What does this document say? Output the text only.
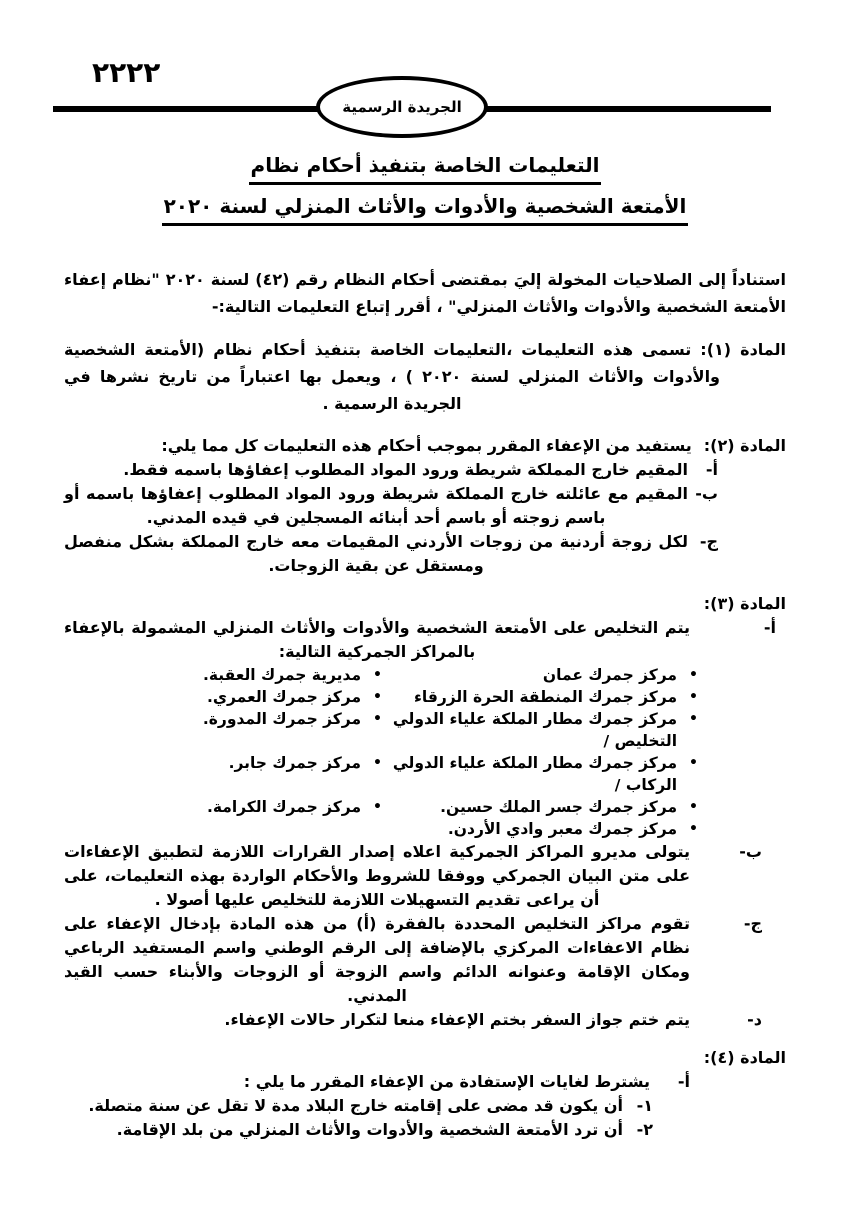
٢٢٢٢
الجريدة الرسمية
التعليمات الخاصة بتنفيذ أحكام نظام
الأمتعة الشخصية والأدوات والأثاث المنزلي لسنة ٢٠٢٠

استناداً إلى الصلاحيات المخولة إليَ بمقتضى أحكام النظام رقم (٤٢) لسنة ٢٠٢٠ "نظام إعفاء الأمتعة الشخصية والأدوات والأثاث المنزلي" ، أقرر إتباع التعليمات التالية:-

المادة (١): تسمى هذه التعليمات ،التعليمات الخاصة بتنفيذ أحكام نظام (الأمتعة الشخصية والأدوات والأثاث المنزلي لسنة ٢٠٢٠ ) ، ويعمل بها اعتباراً من تاريخ نشرها في الجريدة الرسمية .

المادة (٢):يستفيد من الإعفاء المقرر بموجب أحكام هذه التعليمات كل مما يلي:
أ-
المقيم خارج المملكة شريطة ورود المواد المطلوب إعفاؤها باسمه فقط.
ب-
المقيم مع عائلته خارج المملكة شريطة ورود المواد المطلوب إعفاؤها باسمه أو باسم زوجته أو باسم أحد أبنائه المسجلين في قيده المدني.
ج-
لكل زوجة أردنية من زوجات الأردني المقيمات معه خارج المملكة بشكل منفصل ومستقل عن بقية الزوجات.
المادة (٣):
أ-
يتم التخليص على الأمتعة الشخصية والأدوات والأثاث المنزلي المشمولة بالإعفاء بالمراكز الجمركية التالية:
•
مركز جمرك عمان
•
مديرية جمرك العقبة.
•
مركز جمرك المنطقة الحرة الزرقاء
•
مركز جمرك العمري.
•
مركز جمرك مطار الملكة علياء الدولي
/ التخليص
•
مركز جمرك المدورة.
•
مركز جمرك مطار الملكة علياء الدولي
/ الركاب
•
مركز جمرك جابر.
•
مركز جمرك جسر الملك حسين.
•
مركز جمرك الكرامة.
•
مركز جمرك معبر وادي الأردن.
ب-
يتولى مديرو المراكز الجمركية اعلاه إصدار القرارات اللازمة لتطبيق الإعفاءات على متن البيان الجمركي ووفقا للشروط والأحكام الواردة بهذه التعليمات، على أن يراعى تقديم التسهيلات اللازمة للتخليص عليها أصولا .
ج-
تقوم مراكز التخليص المحددة بالفقرة (أ) من هذه المادة بإدخال الإعفاء على نظام الاعفاءات المركزي بالإضافة إلى الرقم الوطني واسم المستفيد الرباعي ومكان الإقامة وعنوانه الدائم واسم الزوجة أو الزوجات والأبناء حسب القيد المدني.
د-
يتم ختم جواز السفر بختم الإعفاء منعا لتكرار حالات الإعفاء.
المادة (٤):
أ-
يشترط لغايات الإستفادة من الإعفاء المقرر ما يلي :
١-
أن يكون قد مضى على إقامته خارج البلاد مدة لا تقل عن سنة متصلة.
٢-
أن ترد الأمتعة الشخصية والأدوات والأثاث المنزلي من بلد الإقامة.
